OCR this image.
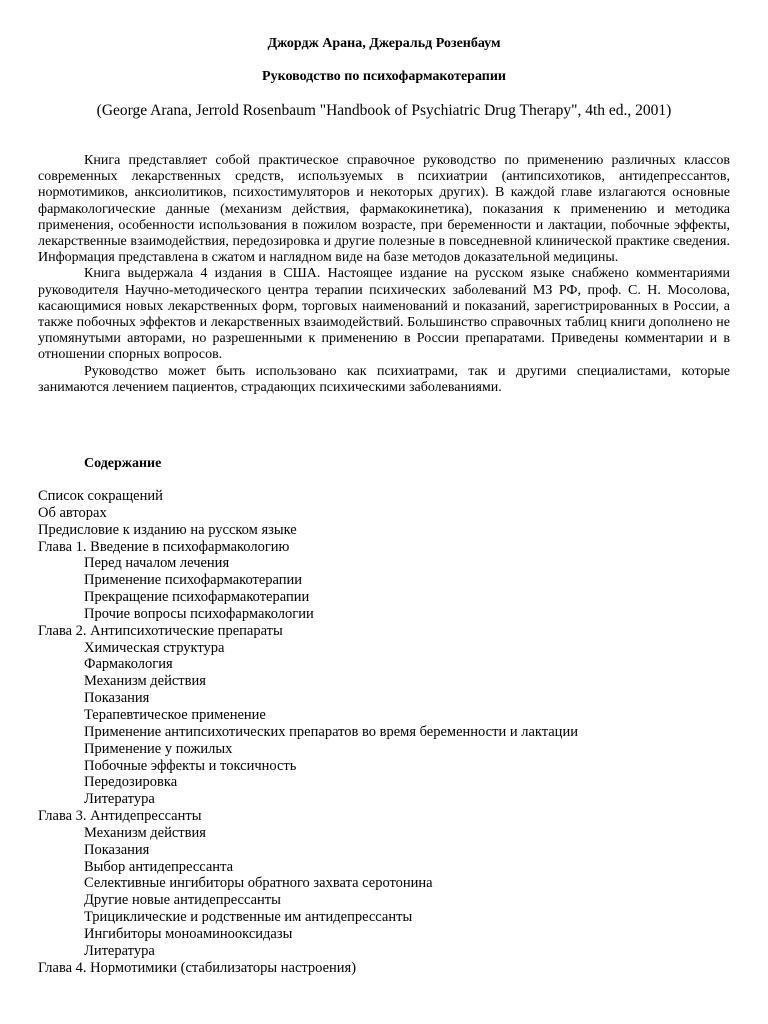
Джордж Арана, Джеральд Розенбаум
Руководство по психофармакотерапии
(George Arana, Jerrold Rosenbaum "Handbook of Psychiatric Drug Therapy", 4th ed., 2001)

Книга представляет собой практическое справочное руководство по применению различных классов современных лекарственных средств, используемых в психиатрии (антипсихотиков, антидепрессантов, нормотимиков, анксиолитиков, психостимуляторов и некоторых других). В каждой главе излагаются основные фармакологические данные (механизм действия, фармакокинетика), показания к применению и методика применения, особенности использования в пожилом возрасте, при беременности и лактации, побочные эффекты, лекарственные взаимодействия, передозировка и другие полезные в повседневной клинической практике сведения. Информация представлена в сжатом и наглядном виде на базе методов доказательной медицины.

Книга выдержала 4 издания в США. Настоящее издание на русском языке снабжено комментариями руководителя Научно-методического центра терапии психических заболеваний МЗ РФ, проф. С. Н. Мосолова, касающимися новых лекарственных форм, торговых наименований и показаний, зарегистрированных в России, а также побочных эффектов и лекарственных взаимодействий. Большинство справочных таблиц книги дополнено не упомянутыми авторами, но разрешенными к применению в России препаратами. Приведены комментарии и в отношении спорных вопросов.

Руководство может быть использовано как психиатрами, так и другими специалистами, которые занимаются лечением пациентов, страдающих психическими заболеваниями.

Содержание
Список сокращений
Об авторах
Предисловие к изданию на русском языке
Глава 1. Введение в психофармакологию
Перед началом лечения
Применение психофармакотерапии
Прекращение психофармакотерапии
Прочие вопросы психофармакологии
Глава 2. Антипсихотические препараты
Химическая структура
Фармакология
Механизм действия
Показания
Терапевтическое применение
Применение антипсихотических препаратов во время беременности и лактации
Применение у пожилых
Побочные эффекты и токсичность
Передозировка
Литература
Глава 3. Антидепрессанты
Механизм действия
Показания
Выбор антидепрессанта
Селективные ингибиторы обратного захвата серотонина
Другие новые антидепрессанты
Трициклические и родственные им антидепрессанты
Ингибиторы моноаминооксидазы
Литература
Глава 4. Нормотимики (стабилизаторы настроения)
